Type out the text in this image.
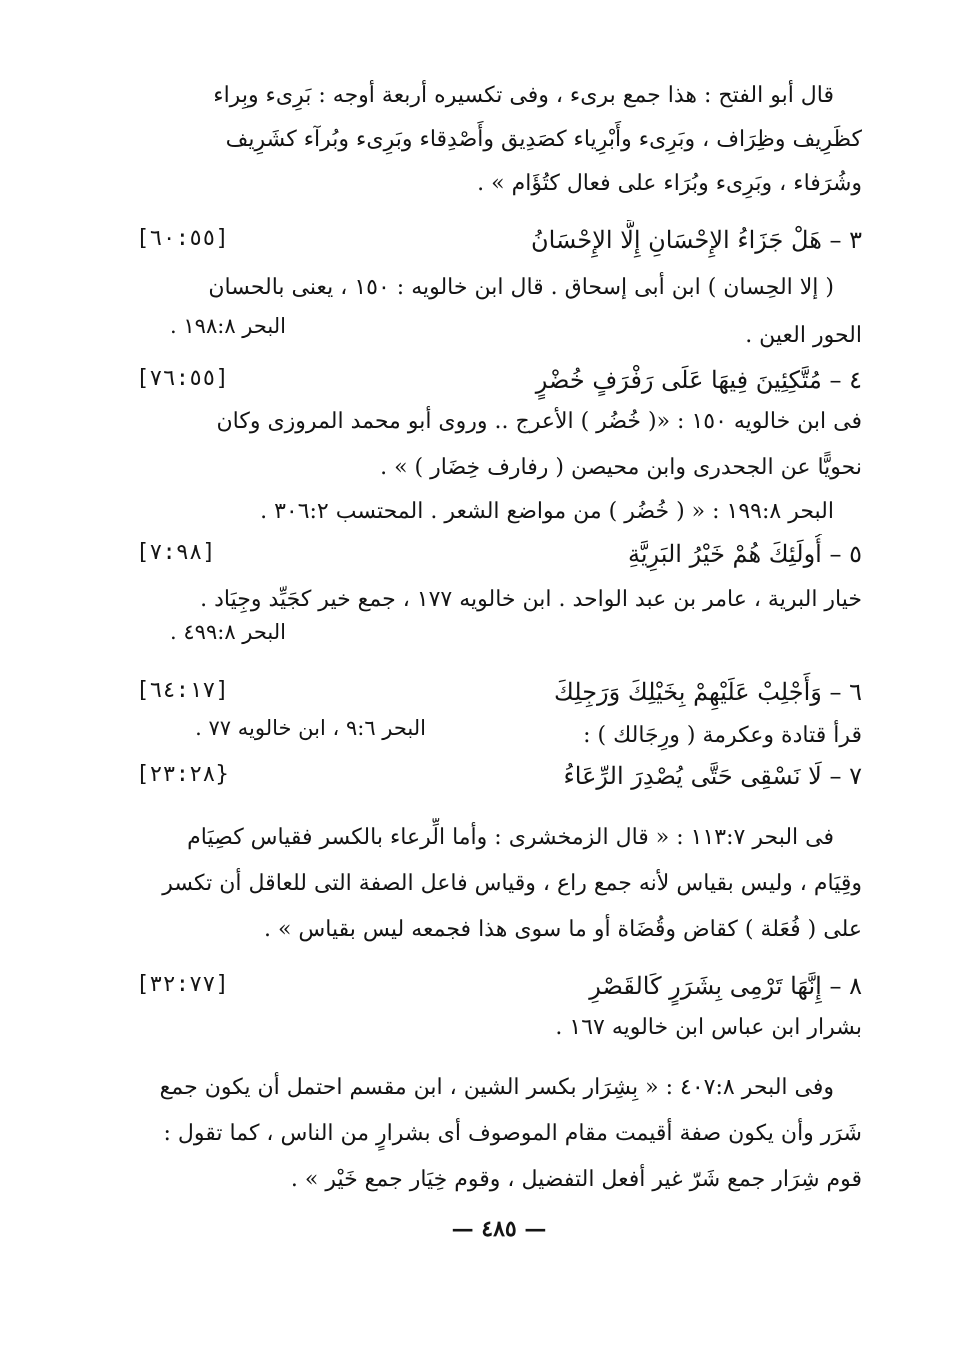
قال أبو الفتح : هذا جمع برىء ، وفى تكسيره أربعة أوجه : بَرِىء وبِراء
كظَرِيف وظِرَاف ، وبَرِىء وأَبْرِياء كصَدِيق وأَصْدِقاء وبَرِىء وبُرآء كشَرِيف
وشُرَفاء ، وبَرِىء وبُرَاء على فعال كتُؤَام » .
٣ – هَلْ جَزَاءُ الإِحْسَانِ إِلَّا الإِحْسَانُ
[٦٠:٥٥]
( إلا الحِسان ) ابن أبى إسحاق . قال ابن خالويه : ١٥٠ ، يعنى بالحسان
الحور العين .
البحر ١٩٨:٨ .
٤ – مُتَّكِئِينَ فِيهَا عَلَى رَفْرَفٍ خُضْرٍ
[٧٦:٥٥]
فى ابن خالويه ١٥٠ : «( خُضُر ) الأعرج .. وروى أبو محمد المروزى وكان
نحويًّا عن الجحدرى وابن محيصن ( رفارف خِضَار ) » .
البحر ١٩٩:٨ : « ( خُضُر ) من مواضع الشعر . المحتسب ٣٠٦:٢ .
٥ – أُولَئِكَ هُمْ خَيْرُ البَرِيَّةِ
[٧:٩٨]
خيار البرية ، عامر بن عبد الواحد . ابن خالويه ١٧٧ ، جمع خير كجَيِّد وجِيَاد .
البحر ٤٩٩:٨ .
٦ – وَأَجْلِبْ عَلَيْهِمْ بِخَيْلِكَ وَرَجِلِكَ
[٦٤:١٧]
قرأ قتادة وعكرمة ( ورِجَالك ) :
البحر ٩:٦ ، ابن خالويه ٧٧ .
٧ – لَا نَسْقِى حَتَّى يُصْدِرَ الرِّعَاءُ
[٢٣:٢٨}
فى البحر ١١٣:٧ : « قال الزمخشرى : وأما الِّرعاء بالكسر فقياس كصِيَام
وقِيَام ، وليس بقياس لأنه جمع راع ، وقياس فاعل الصفة التى للعاقل أن تكسر
على ( فُعَلة ) كقاض وقُضَاة أو ما سوى هذا فجمعه ليس بقياس » .
٨ – إِنَّهَا تَرْمِى بِشَرَرٍ كَالقَصْرِ
[٣٢:٧٧]
بشرار ابن عباس ابن خالويه ١٦٧ .
وفى البحر ٤٠٧:٨ : « بِشِرَار بكسر الشين ، ابن مقسم احتمل أن يكون جمع
شَرَر وأن يكون صفة أقيمت مقام الموصوف أى بشرارٍ من الناس ، كما تقول :
قوم شِرَار جمع شَرّ غير أفعل التفضيل ، وقوم خِيَار جمع خَيْر » .
— ٤٨٥ —
